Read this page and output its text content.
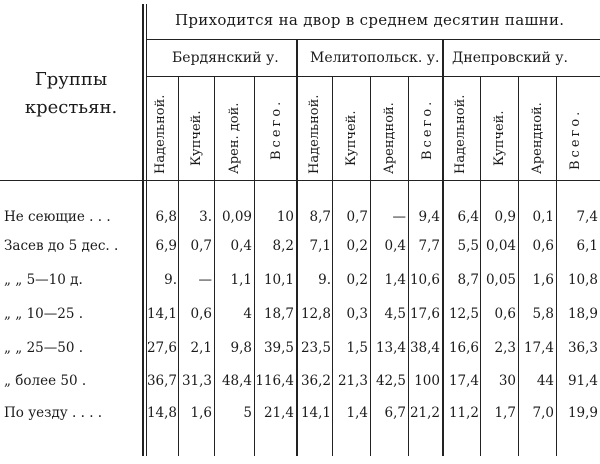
Приходится на двор в среднем десятин пашни.
Группы крестьян.
Бердянский у. Мелитопольск. у. Днепровский у.
Надельной. Купчей. Арен. дой. Всего. Надельной. Купчей. Арендной. Всего. Надельной. Купчей. Арендной. Всего.
Не сеющие . . .	6,8 3. 0,09 10 8,7 0,7 — 9,4 6,4 0,9 0,1 7,4
Засев до 5 дес. .	6,9 0,7 0,4 8,2 7,1 0,2 0,4 7,7 5,5 0,04 0,6 6,1
„ „ 5—10 д.	9. — 1,1 10,1 9. 0,2 1,4 10,6 8,7 0,05 1,6 10,8
„ „ 10—25 .	14,1 0,6 4 18,7 12,8 0,3 4,5 17,6 12,5 0,6 5,8 18,9
„ „ 25—50 .	27,6 2,1 9,8 39,5 23,5 1,5 13,4 38,4 16,6 2,3 17,4 36,3
„ более 50 .	36,7 31,3 48,4 116,4 36,2 21,3 42,5 100 17,4 30 44 91,4
По уезду . . . .	14,8 1,6 5 21,4 14,1 1,4 6,7 21,2 11,2 1,7 7,0 19,9
